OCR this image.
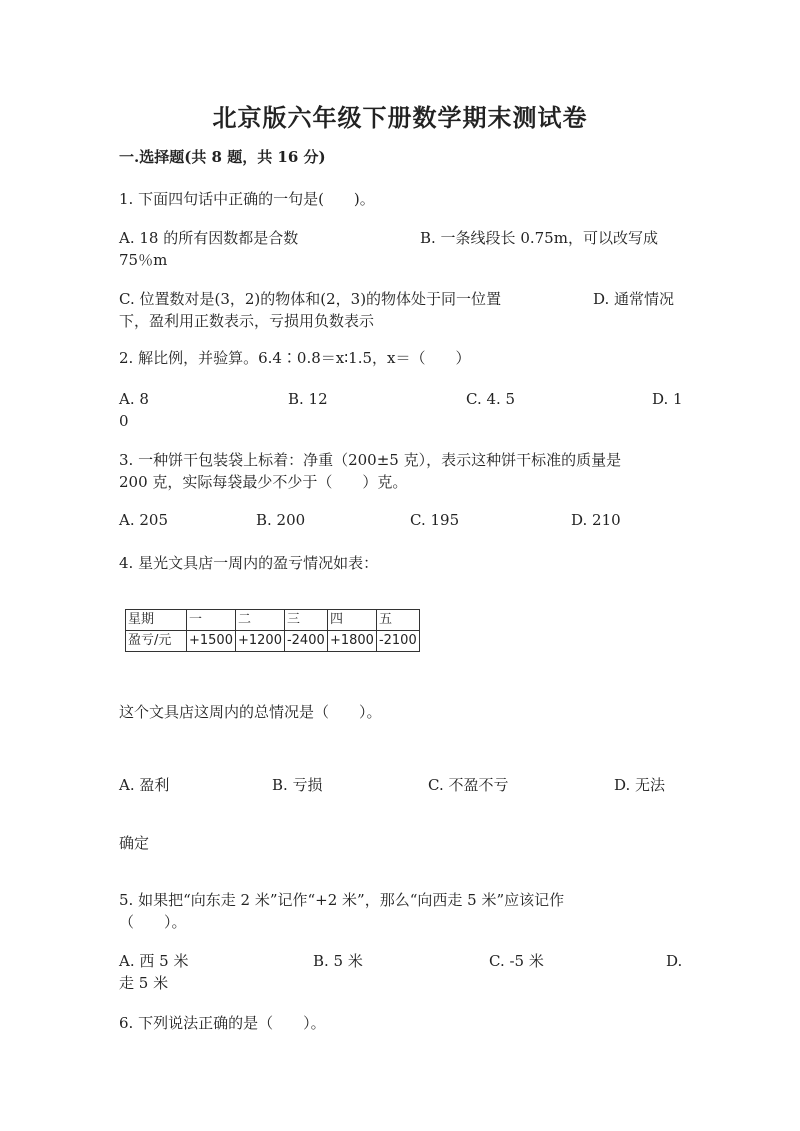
北京版六年级下册数学期末测试卷
一.选择题(共 8 题，共 16 分)
1. 下面四句话中正确的一句是(　　)。
A. 18 的所有因数都是合数	B. 一条线段长 0.75m，可以改写成
75％m
C. 位置数对是(3，2)的物体和(2，3)的物体处于同一位置	D. 通常情况
下，盈利用正数表示，亏损用负数表示
2. 解比例，并验算。6.4∶0.8＝x∶1.5，x＝（　　）
A. 8	B. 12	C. 4. 5	D. 1
0
3. 一种饼干包装袋上标着：净重（200±5 克），表示这种饼干标准的质量是
200 克，实际每袋最少不少于（　　）克。
A. 205	B. 200	C. 195	D. 210
4. 星光文具店一周内的盈亏情况如表：
星期	一	二	三	四	五
盈亏/元	+1500	+1200	-2400	+1800	-2100
这个文具店这周内的总情况是（　　）。
A. 盈利	B. 亏损	C. 不盈不亏	D. 无法
确定
5. 如果把“向东走 2 米”记作“+2 米”，那么“向西走 5 米”应该记作
（　　）。
A. 西 5 米	B. 5 米	C. -5 米	D.
走 5 米
6. 下列说法正确的是（　　）。
